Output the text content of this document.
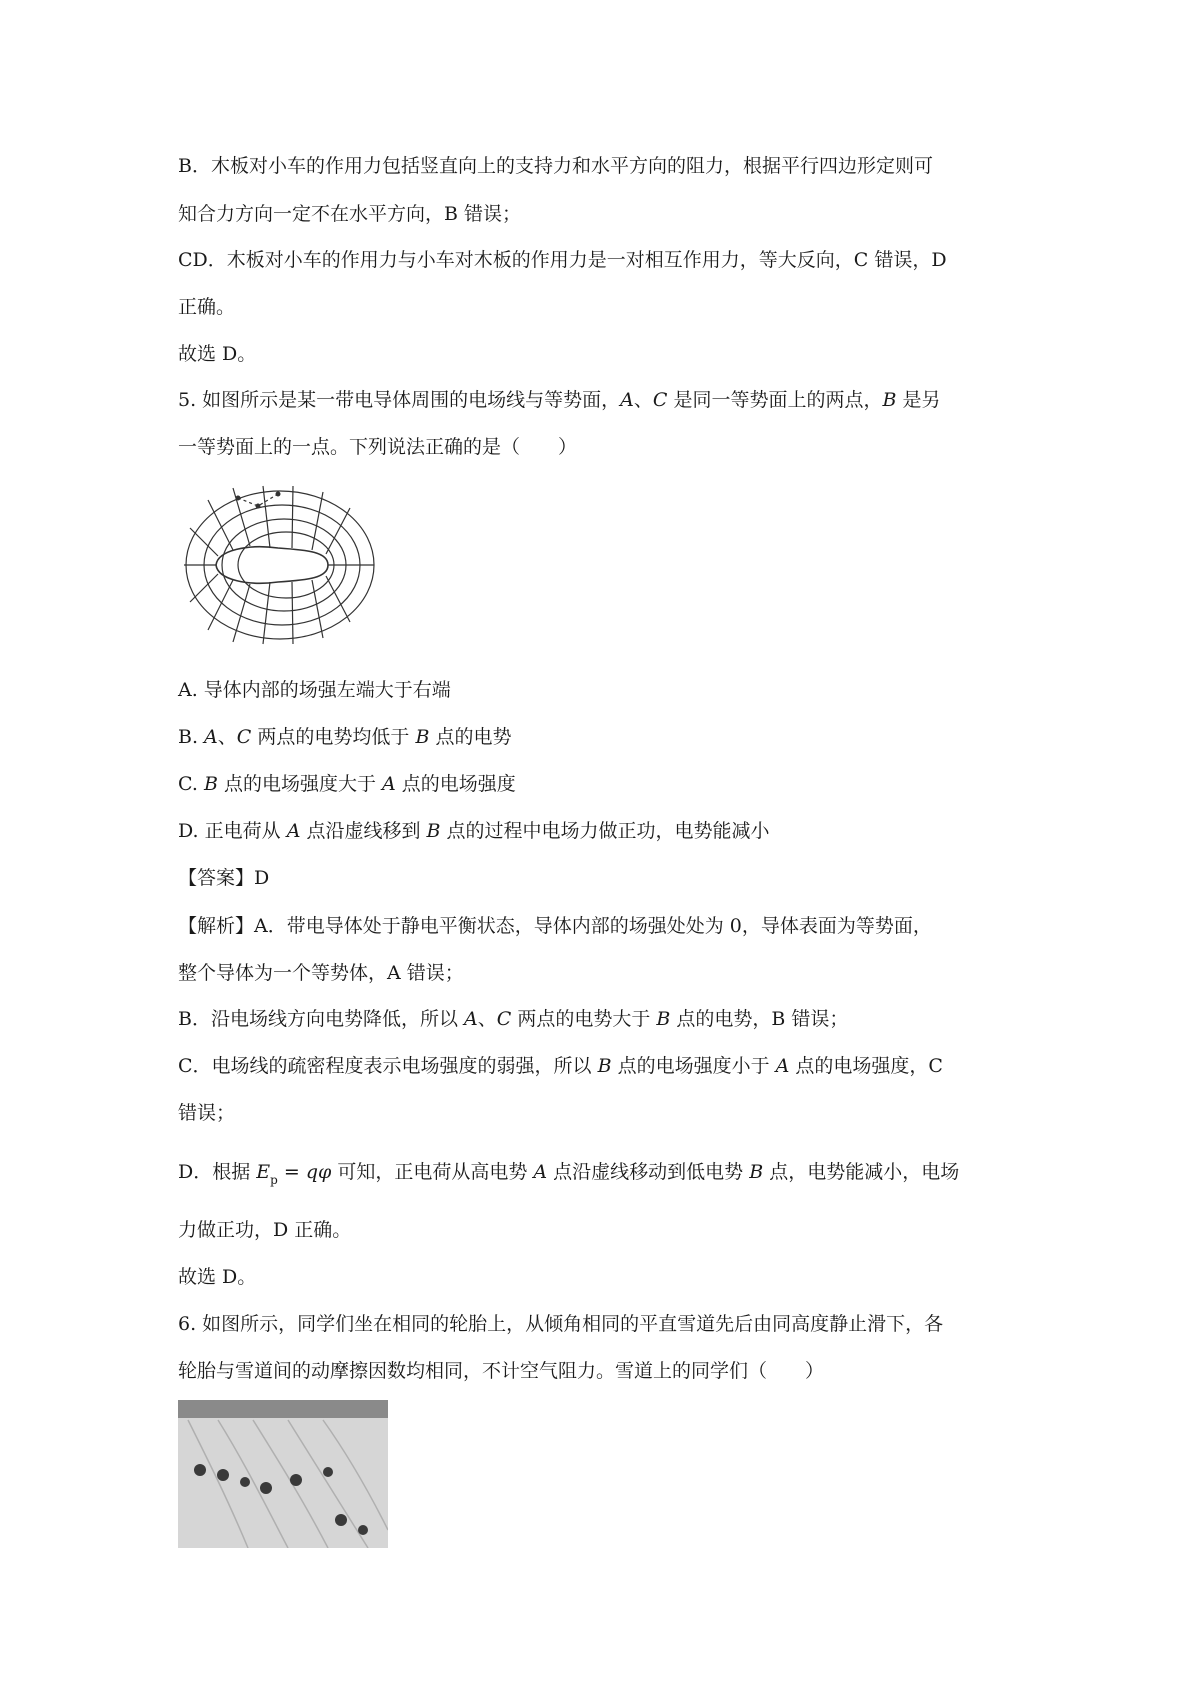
B．木板对小车的作用力包括竖直向上的支持力和水平方向的阻力，根据平行四边形定则可

知合力方向一定不在水平方向，B 错误；

CD．木板对小车的作用力与小车对木板的作用力是一对相互作用力，等大反向，C 错误，D

正确。

故选 D。

5. 如图所示是某一带电导体周围的电场线与等势面，A、C 是同一等势面上的两点，B 是另

一等势面上的一点。下列说法正确的是（　　）

A. 导体内部的场强左端大于右端

B. A、C 两点的电势均低于 B 点的电势

C. B 点的电场强度大于 A 点的电场强度

D. 正电荷从 A 点沿虚线移到 B 点的过程中电场力做正功，电势能减小

【答案】D

【解析】A．带电导体处于静电平衡状态，导体内部的场强处处为 0，导体表面为等势面，

整个导体为一个等势体，A 错误；

B．沿电场线方向电势降低，所以 A、C 两点的电势大于 B 点的电势，B 错误；

C．电场线的疏密程度表示电场强度的弱强，所以 B 点的电场强度小于 A 点的电场强度，C

错误；

D．根据 $E_p = q\varphi$ 可知，正电荷从高电势 A 点沿虚线移动到低电势 B 点，电势能减小，电场

力做正功，D 正确。

故选 D。

6. 如图所示，同学们坐在相同的轮胎上，从倾角相同的平直雪道先后由同高度静止滑下，各

轮胎与雪道间的动摩擦因数均相同，不计空气阻力。雪道上的同学们（　　）
